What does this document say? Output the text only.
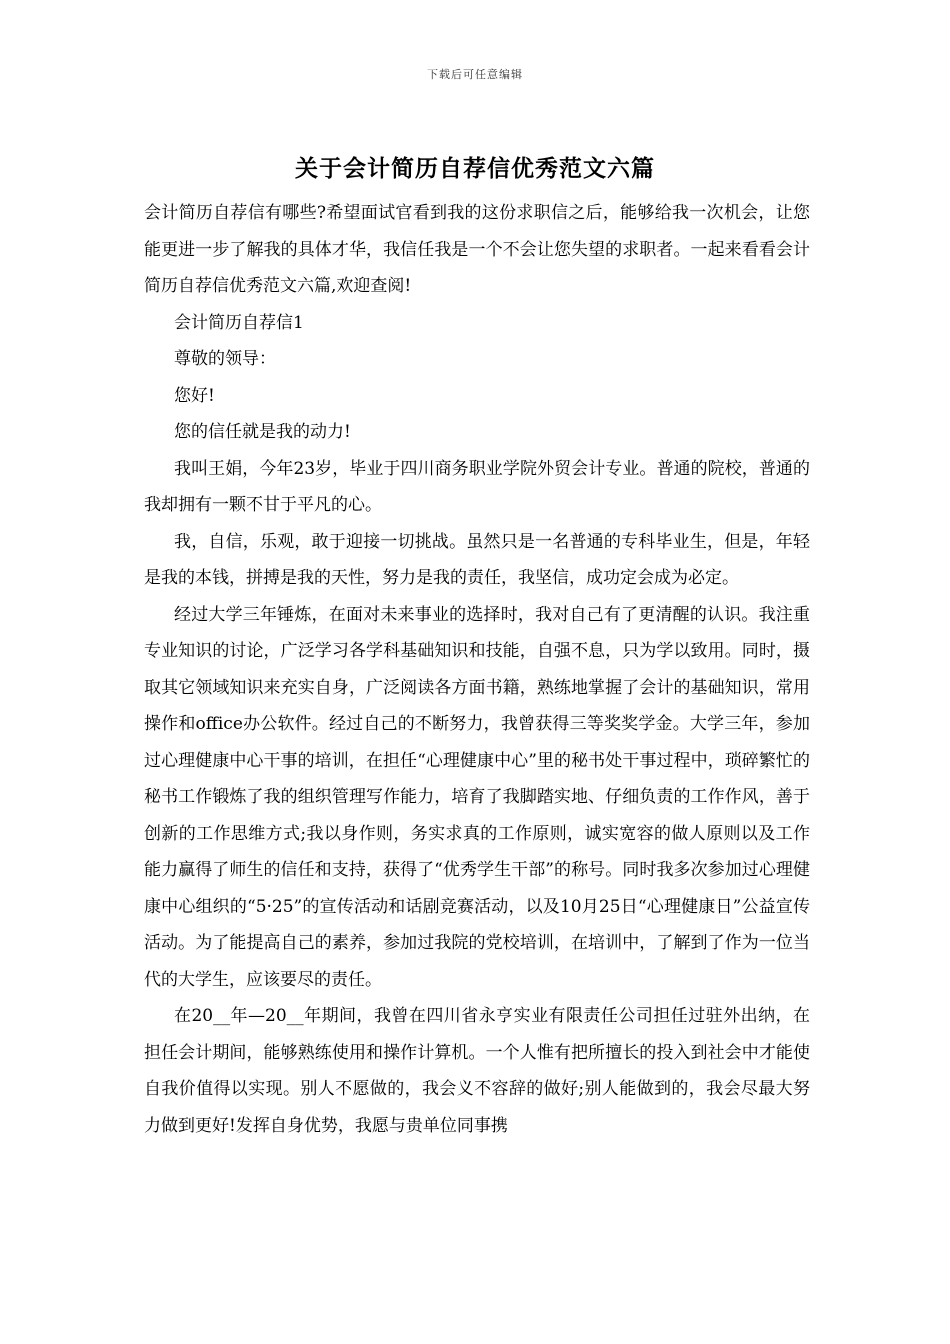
下载后可任意编辑
关于会计简历自荐信优秀范文六篇

会计简历自荐信有哪些?希望面试官看到我的这份求职信之后，能够给我一次机会，让您能更进一步了解我的具体才华，我信任我是一个不会让您失望的求职者。一起来看看会计简历自荐信优秀范文六篇,欢迎查阅!

会计简历自荐信1

尊敬的领导：

您好!

您的信任就是我的动力!

我叫王娟，今年23岁，毕业于四川商务职业学院外贸会计专业。普通的院校，普通的我却拥有一颗不甘于平凡的心。

我，自信，乐观，敢于迎接一切挑战。虽然只是一名普通的专科毕业生，但是，年轻是我的本钱，拼搏是我的天性，努力是我的责任，我坚信，成功定会成为必定。

经过大学三年锤炼，在面对未来事业的选择时，我对自己有了更清醒的认识。我注重专业知识的讨论，广泛学习各学科基础知识和技能，自强不息，只为学以致用。同时，摄取其它领域知识来充实自身，广泛阅读各方面书籍，熟练地掌握了会计的基础知识，常用操作和office办公软件。经过自己的不断努力，我曾获得三等奖奖学金。大学三年，参加过心理健康中心干事的培训，在担任“心理健康中心”里的秘书处干事过程中，琐碎繁忙的秘书工作锻炼了我的组织管理写作能力，培育了我脚踏实地、仔细负责的工作作风，善于创新的工作思维方式;我以身作则，务实求真的工作原则，诚实宽容的做人原则以及工作能力赢得了师生的信任和支持，获得了“优秀学生干部”的称号。同时我多次参加过心理健康中心组织的“5·25”的宣传活动和话剧竞赛活动，以及10月25日“心理健康日”公益宣传活动。为了能提高自己的素养，参加过我院的党校培训，在培训中，了解到了作为一位当代的大学生，应该要尽的责任。

在20__年—20__年期间，我曾在四川省永亨实业有限责任公司担任过驻外出纳，在担任会计期间，能够熟练使用和操作计算机。一个人惟有把所擅长的投入到社会中才能使自我价值得以实现。别人不愿做的，我会义不容辞的做好;别人能做到的，我会尽最大努力做到更好!发挥自身优势，我愿与贵单位同事携
